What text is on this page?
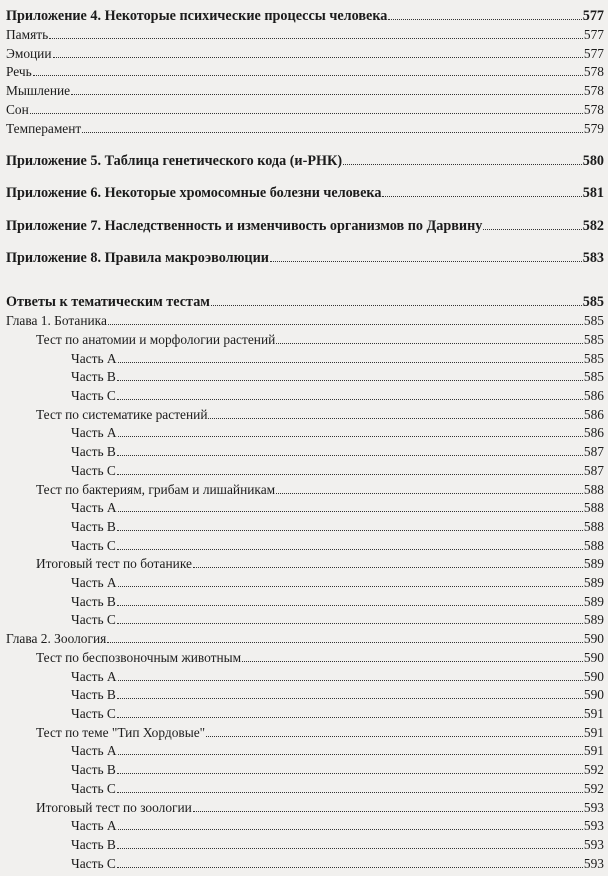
Приложение 4. Некоторые психические процессы человека	577
Память	577
Эмоции	577
Речь	578
Мышление	578
Сон	578
Темперамент	579
Приложение 5. Таблица генетического кода (и-РНК)	580
Приложение 6. Некоторые хромосомные болезни человека	581
Приложение 7. Наследственность и изменчивость организмов по Дарвину	582
Приложение 8. Правила макроэволюции	583
Ответы к тематическим тестам	585
Глава 1. Ботаника	585
Тест по анатомии и морфологии растений	585
Часть А	585
Часть В	585
Часть С	586
Тест по систематике растений	586
Часть А	586
Часть В	587
Часть С	587
Тест по бактериям, грибам и лишайникам	588
Часть А	588
Часть В	588
Часть С	588
Итоговый тест по ботанике	589
Часть А	589
Часть В	589
Часть С	589
Глава 2. Зоология	590
Тест по беспозвоночным животным	590
Часть А	590
Часть В	590
Часть С	591
Тест по теме "Тип Хордовые"	591
Часть А	591
Часть В	592
Часть С	592
Итоговый тест по зоологии	593
Часть А	593
Часть В	593
Часть С	593
